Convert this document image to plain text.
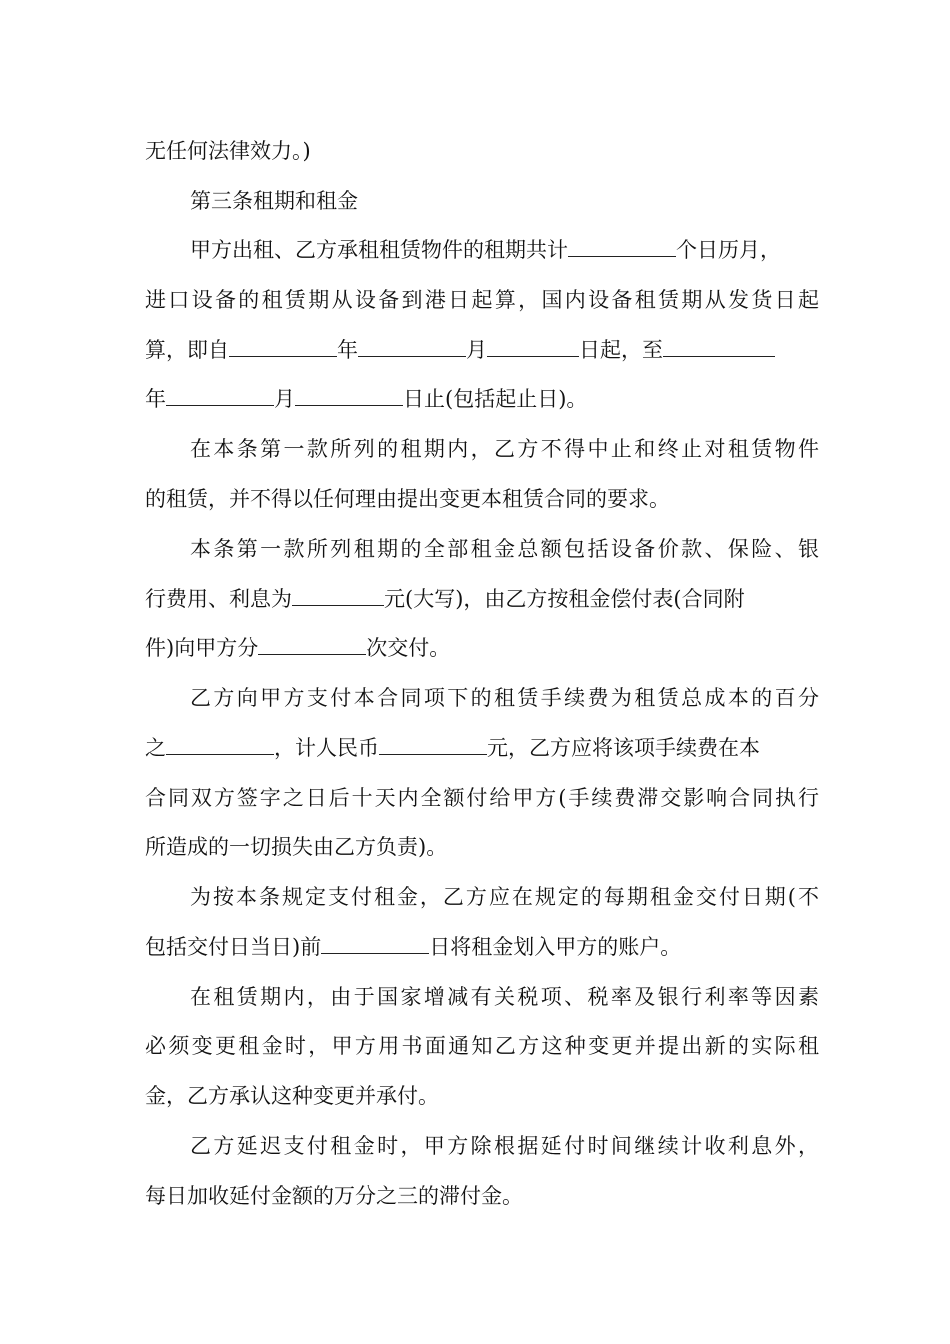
无任何法律效力。)
第三条租期和租金
甲方出租、乙方承租租赁物件的租期共计	个日历月，
进口设备的租赁期从设备到港日起算，国内设备租赁期从发货日起
算，即自	年	月	日起，至
年	月	日止(包括起止日)。
在本条第一款所列的租期内，乙方不得中止和终止对租赁物件
的租赁，并不得以任何理由提出变更本租赁合同的要求。
本条第一款所列租期的全部租金总额包括设备价款、保险、银
行费用、利息为	元(大写)，由乙方按租金偿付表(合同附
件)向甲方分	次交付。
乙方向甲方支付本合同项下的租赁手续费为租赁总成本的百分
之	，计人民币	元，乙方应将该项手续费在本
合同双方签字之日后十天内全额付给甲方(手续费滞交影响合同执行
所造成的一切损失由乙方负责)。
为按本条规定支付租金，乙方应在规定的每期租金交付日期(不
包括交付日当日)前	日将租金划入甲方的账户。
在租赁期内，由于国家增减有关税项、税率及银行利率等因素
必须变更租金时，甲方用书面通知乙方这种变更并提出新的实际租
金，乙方承认这种变更并承付。
乙方延迟支付租金时，甲方除根据延付时间继续计收利息外，
每日加收延付金额的万分之三的滞付金。
